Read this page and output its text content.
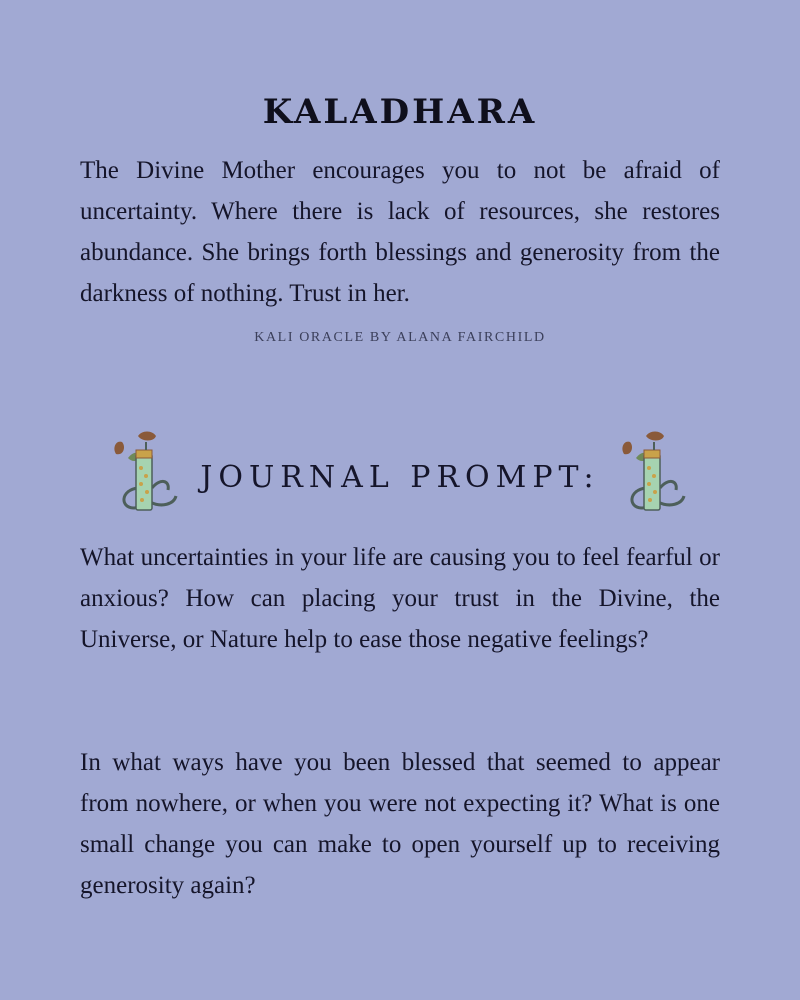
KALADHARA
The Divine Mother encourages you to not be afraid of uncertainty. Where there is lack of resources, she restores abundance. She brings forth blessings and generosity from the darkness of nothing. Trust in her.
KALI ORACLE BY ALANA FAIRCHILD
JOURNAL PROMPT:
What uncertainties in your life are causing you to feel fearful or anxious? How can placing your trust in the Divine, the Universe, or Nature help to ease those negative feelings?
In what ways have you been blessed that seemed to appear from nowhere, or when you were not expecting it? What is one small change you can make to open yourself up to receiving generosity again?
